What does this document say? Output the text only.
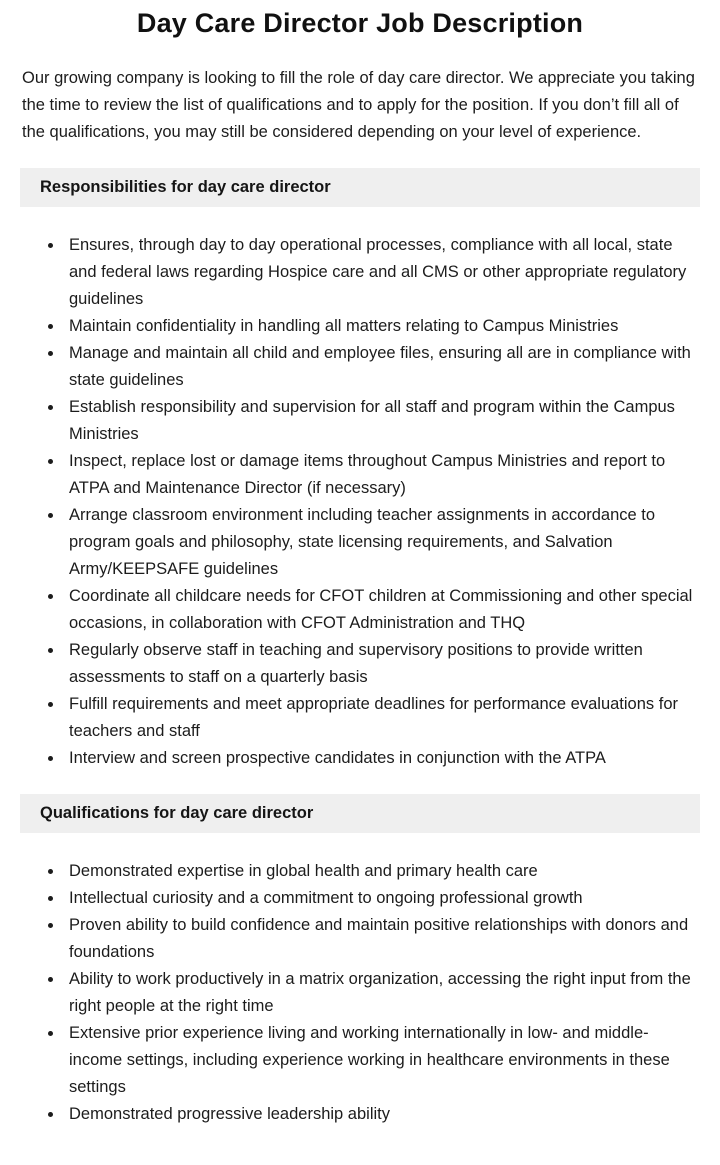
Day Care Director Job Description

Our growing company is looking to fill the role of day care director. We appreciate you taking the time to review the list of qualifications and to apply for the position. If you don’t fill all of the qualifications, you may still be considered depending on your level of experience.

Responsibilities for day care director
• Ensures, through day to day operational processes, compliance with all local, state and federal laws regarding Hospice care and all CMS or other appropriate regulatory guidelines
• Maintain confidentiality in handling all matters relating to Campus Ministries
• Manage and maintain all child and employee files, ensuring all are in compliance with state guidelines
• Establish responsibility and supervision for all staff and program within the Campus Ministries
• Inspect, replace lost or damage items throughout Campus Ministries and report to ATPA and Maintenance Director (if necessary)
• Arrange classroom environment including teacher assignments in accordance to program goals and philosophy, state licensing requirements, and Salvation Army/KEEPSAFE guidelines
• Coordinate all childcare needs for CFOT children at Commissioning and other special occasions, in collaboration with CFOT Administration and THQ
• Regularly observe staff in teaching and supervisory positions to provide written assessments to staff on a quarterly basis
• Fulfill requirements and meet appropriate deadlines for performance evaluations for teachers and staff
• Interview and screen prospective candidates in conjunction with the ATPA
Qualifications for day care director
• Demonstrated expertise in global health and primary health care
• Intellectual curiosity and a commitment to ongoing professional growth
• Proven ability to build confidence and maintain positive relationships with donors and foundations
• Ability to work productively in a matrix organization, accessing the right input from the right people at the right time
• Extensive prior experience living and working internationally in low- and middle-income settings, including experience working in healthcare environments in these settings
• Demonstrated progressive leadership ability
